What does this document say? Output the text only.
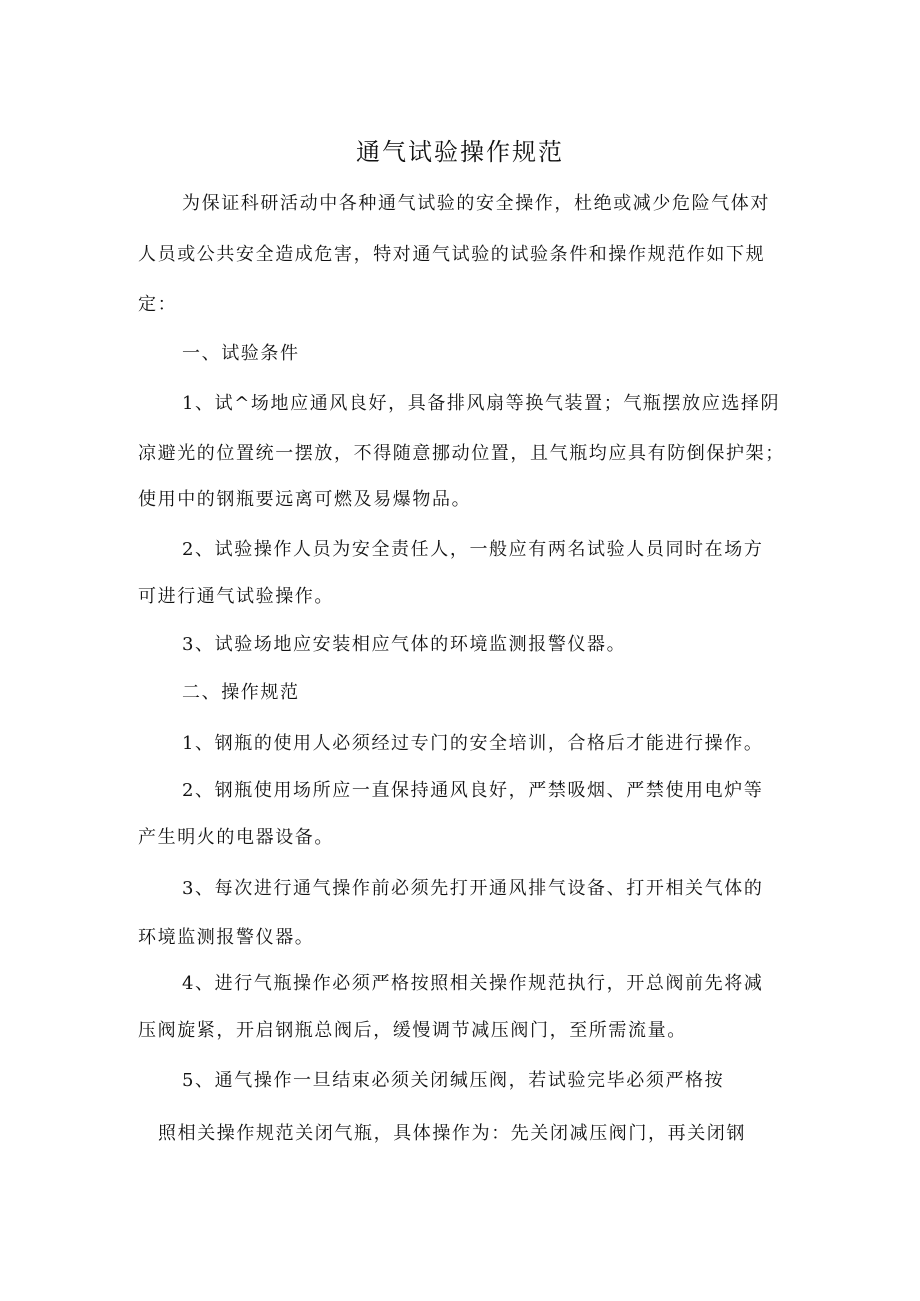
通气试验操作规范

为保证科研活动中各种通气试验的安全操作，杜绝或减少危险气体对

人员或公共安全造成危害，特对通气试验的试验条件和操作规范作如下规

定：

一、试验条件

1、试^场地应通风良好，具备排风扇等换气装置；气瓶摆放应选择阴

凉避光的位置统一摆放，不得随意挪动位置，且气瓶均应具有防倒保护架；

使用中的钢瓶要远离可燃及易爆物品。

2、试验操作人员为安全责任人，一般应有两名试验人员同时在场方

可进行通气试验操作。

3、试验场地应安装相应气体的环境监测报警仪器。

二、操作规范

1、钢瓶的使用人必须经过专门的安全培训，合格后才能进行操作。

2、钢瓶使用场所应一直保持通风良好，严禁吸烟、严禁使用电炉等

产生明火的电器设备。

3、每次进行通气操作前必须先打开通风排气设备、打开相关气体的

环境监测报警仪器。

4、进行气瓶操作必须严格按照相关操作规范执行，开总阀前先将减

压阀旋紧，开启钢瓶总阀后，缓慢调节减压阀门，至所需流量。

5、通气操作一旦结束必须关闭缄压阀，若试验完毕必须严格按

照相关操作规范关闭气瓶，具体操作为：先关闭减压阀门，再关闭钢
